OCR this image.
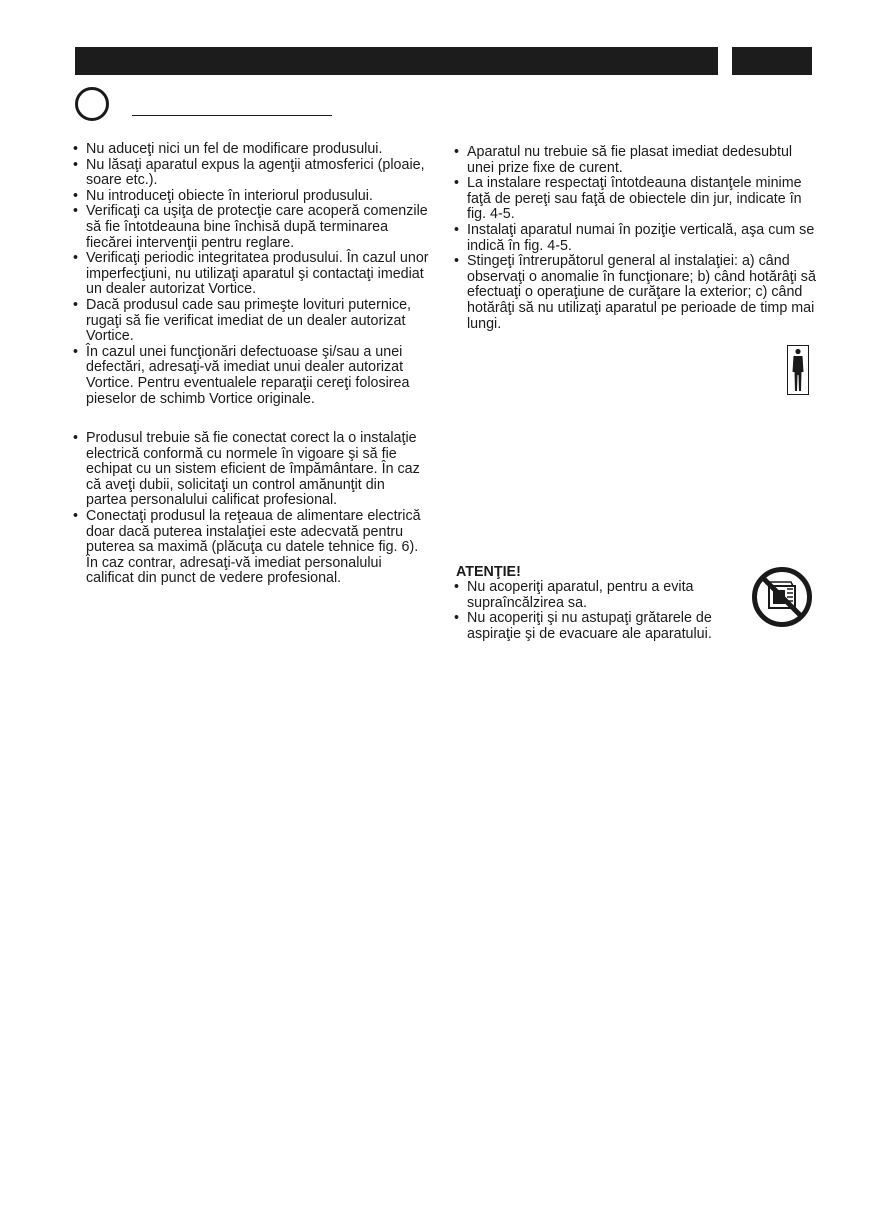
• Nu aduceţi nici un fel de modificare produsului.
• Nu lăsaţi aparatul expus la agenţii atmosferici (ploaie, soare etc.).
• Nu introduceţi obiecte în interiorul produsului.
• Verificaţi ca uşiţa de protecţie care acoperă comenzile să fie întotdeauna bine închisă după terminarea fiecărei intervenţii pentru reglare.
• Verificaţi periodic integritatea produsului. În cazul unor imperfecţiuni, nu utilizaţi aparatul şi contactaţi imediat un dealer autorizat Vortice.
• Dacă produsul cade sau primeşte lovituri puternice, rugaţi să fie verificat imediat de un dealer autorizat Vortice.
• În cazul unei funcţionări defectuoase şi/sau a unei defectări, adresaţi-vă imediat unui dealer autorizat Vortice. Pentru eventualele reparaţii cereţi folosirea pieselor de schimb Vortice originale.
• Produsul trebuie să fie conectat corect la o instalaţie electrică conformă cu normele în vigoare şi să fie echipat cu un sistem eficient de împământare. În caz că aveţi dubii, solicitaţi un control amănunţit din partea personalului calificat profesional.
• Conectaţi produsul la reţeaua de alimentare electrică doar dacă puterea instalaţiei este adecvată pentru puterea sa maximă (plăcuţa cu datele tehnice fig. 6). În caz contrar, adresaţi-vă imediat personalului calificat din punct de vedere profesional.
• Aparatul nu trebuie să fie plasat imediat dedesubtul unei prize fixe de curent.
• La instalare respectaţi întotdeauna distanţele minime faţă de pereţi sau faţă de obiectele din jur, indicate în fig. 4-5.
• Instalaţi aparatul numai în poziţie verticală, aşa cum se indică în fig. 4-5.
• Stingeţi întrerupătorul general al instalaţiei: a) când observaţi o anomalie în funcţionare; b) când hotărâţi să efectuaţi o operaţiune de curăţare la exterior; c) când hotărâţi să nu utilizaţi aparatul pe perioade de timp mai lungi.
ATENŢIE!
• Nu acoperiţi aparatul, pentru a evita supraîncălzirea sa.
• Nu acoperiţi şi nu astupaţi grătarele de aspiraţie şi de evacuare ale aparatului.
